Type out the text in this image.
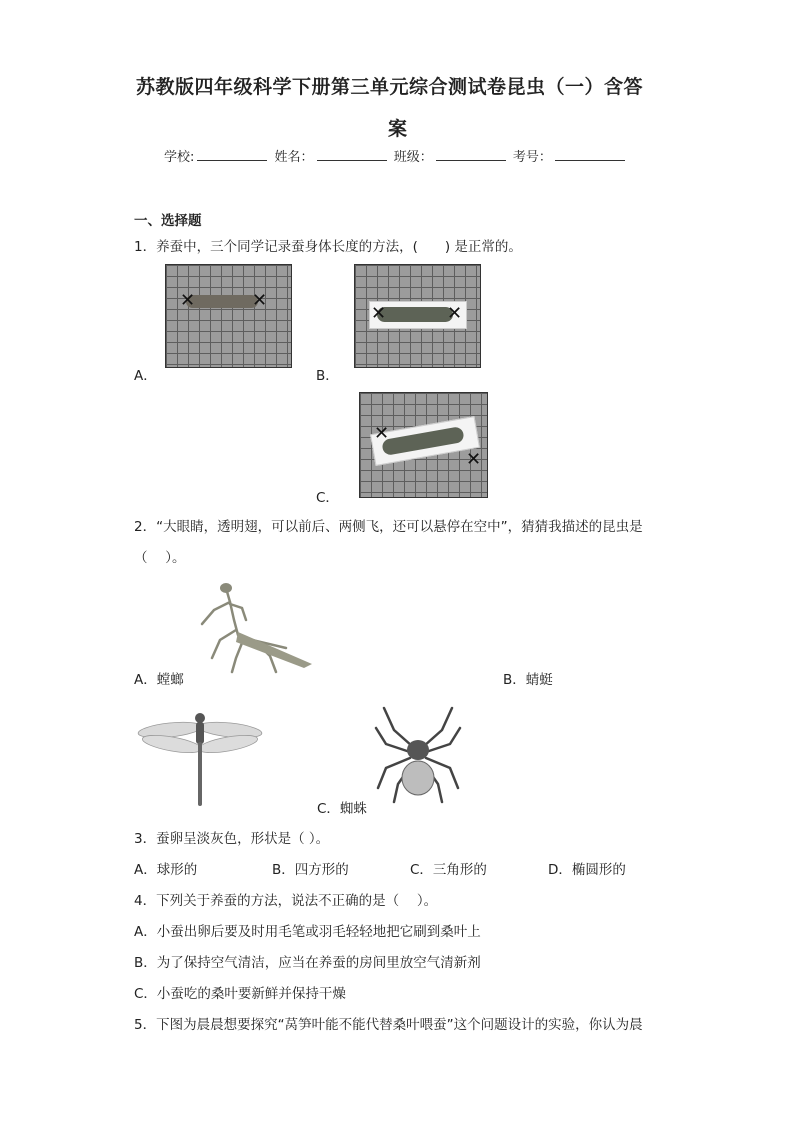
苏教版四年级科学下册第三单元综合测试卷昆虫（一）含答
案
学校:	姓名：	班级：	考号：
一、选择题
1．养蚕中，三个同学记录蚕身体长度的方法，(　　) 是正常的。
✕	✕
A．
✕	✕
B．
✕
✕
C．
2．“大眼睛，透明翅，可以前后、两侧飞，还可以悬停在空中”，猜猜我描述的昆虫是
（　 ）。
A．螳螂	B．蜻蜓
C．蜘蛛
3．蚕卵呈淡灰色，形状是（ ）。
A．球形的	B．四方形的	C．三角形的	D．椭圆形的
4．下列关于养蚕的方法，说法不正确的是（　 ）。
A．小蚕出卵后要及时用毛笔或羽毛轻轻地把它刷到桑叶上
B．为了保持空气清洁，应当在养蚕的房间里放空气清新剂
C．小蚕吃的桑叶要新鲜并保持干燥
5．下图为晨晨想要探究“莴笋叶能不能代替桑叶喂蚕”这个问题设计的实验，你认为晨
